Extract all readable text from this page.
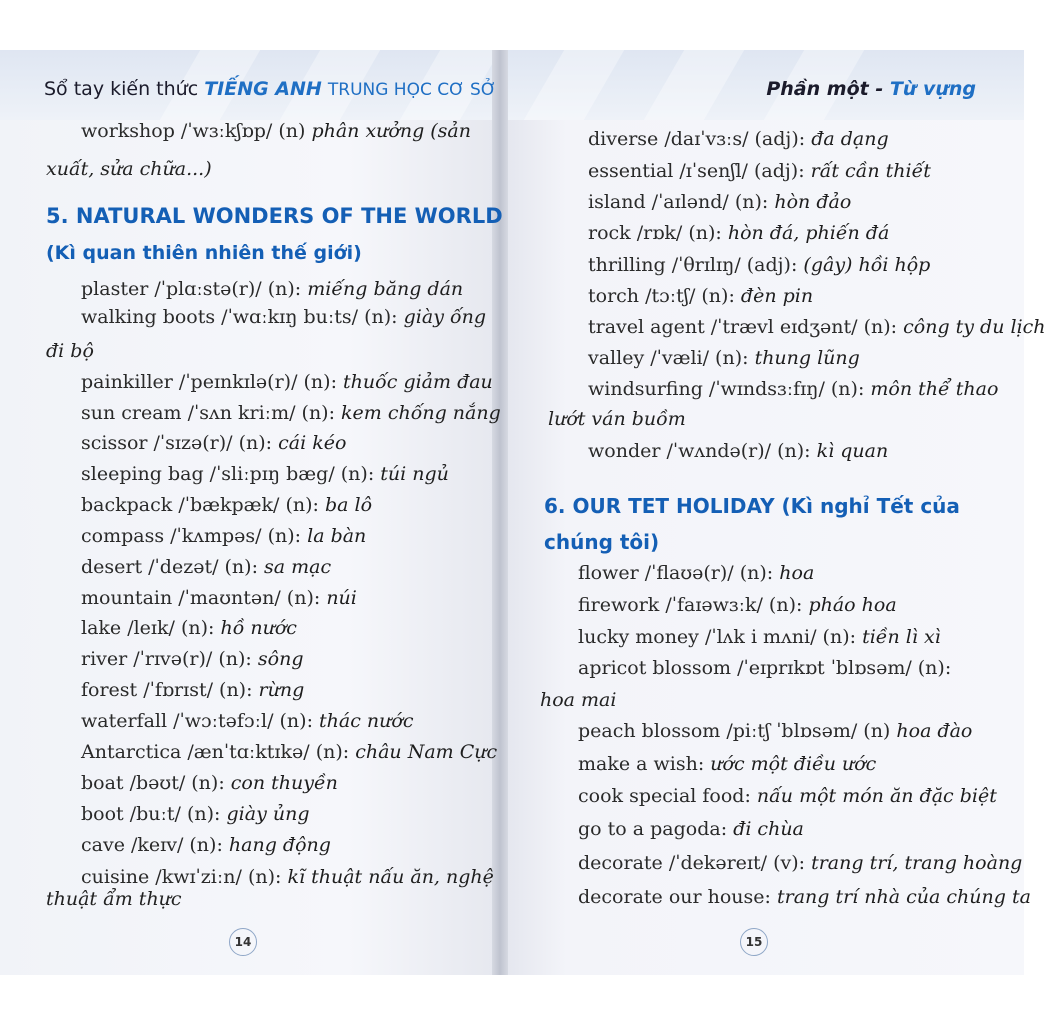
Sổ tay kiến thức TIẾNG ANH TRUNG HỌC CƠ SỞ	Phần một - Từ vựng
workshop /ˈwɜːkʃɒp/ (n) phân xưởng (sản
xuất, sửa chữa...)
5. NATURAL WONDERS OF THE WORLD
(Kì quan thiên nhiên thế giới)
plaster /ˈplɑːstə(r)/ (n): miếng băng dán
walking boots /ˈwɑːkɪŋ buːts/ (n): giày ống
painkiller /ˈpeɪnkɪlə(r)/ (n): thuốc giảm đau
sun cream /ˈsʌn kriːm/ (n): kem chống nắng
scissor /ˈsɪzə(r)/ (n): cái kéo
sleeping bag /ˈsliːpɪŋ bæg/ (n): túi ngủ
backpack /ˈbækpæk/ (n): ba lô
compass /ˈkʌmpəs/ (n): la bàn
desert /ˈdezət/ (n): sa mạc
mountain /ˈmaʊntən/ (n): núi
lake /leɪk/ (n): hồ nước
river /ˈrɪvə(r)/ (n): sông
forest /ˈfɒrɪst/ (n): rừng
waterfall /ˈwɔːtəfɔːl/ (n): thác nước
Antarctica /ænˈtɑːktɪkə/ (n): châu Nam Cực
boat /bəʊt/ (n): con thuyền
boot /buːt/ (n): giày ủng
cave /keɪv/ (n): hang động
cuisine /kwɪˈziːn/ (n): kĩ thuật nấu ăn, nghệ
đi bộ
thuật ẩm thực
14
diverse /daɪˈvɜːs/ (adj): đa dạng
essential /ɪˈsenʃl/ (adj): rất cần thiết
island /ˈaɪlənd/ (n): hòn đảo
rock /rɒk/ (n): hòn đá, phiến đá
thrilling /ˈθrɪlɪŋ/ (adj): (gây) hồi hộp
torch /tɔːtʃ/ (n): đèn pin
travel agent /ˈtrævl eɪdʒənt/ (n): công ty du lịch
valley /ˈvæli/ (n): thung lũng
windsurfing /ˈwɪndsɜːfɪŋ/ (n): môn thể thao
wonder /ˈwʌndə(r)/ (n): kì quan
lướt ván buồm
6. OUR TET HOLIDAY (Kì nghỉ Tết của
chúng tôi)
flower /ˈflaʊə(r)/ (n): hoa
firework /ˈfaɪəwɜːk/ (n): pháo hoa
lucky money /ˈlʌk i mʌni/ (n): tiền lì xì
apricot blossom /ˈeɪprɪkɒt ˈblɒsəm/ (n):
peach blossom /piːtʃ ˈblɒsəm/ (n) hoa đào
make a wish: ước một điều ước
cook special food: nấu một món ăn đặc biệt
go to a pagoda: đi chùa
decorate /ˈdekəreɪt/ (v): trang trí, trang hoàng
decorate our house: trang trí nhà của chúng ta
hoa mai
15
